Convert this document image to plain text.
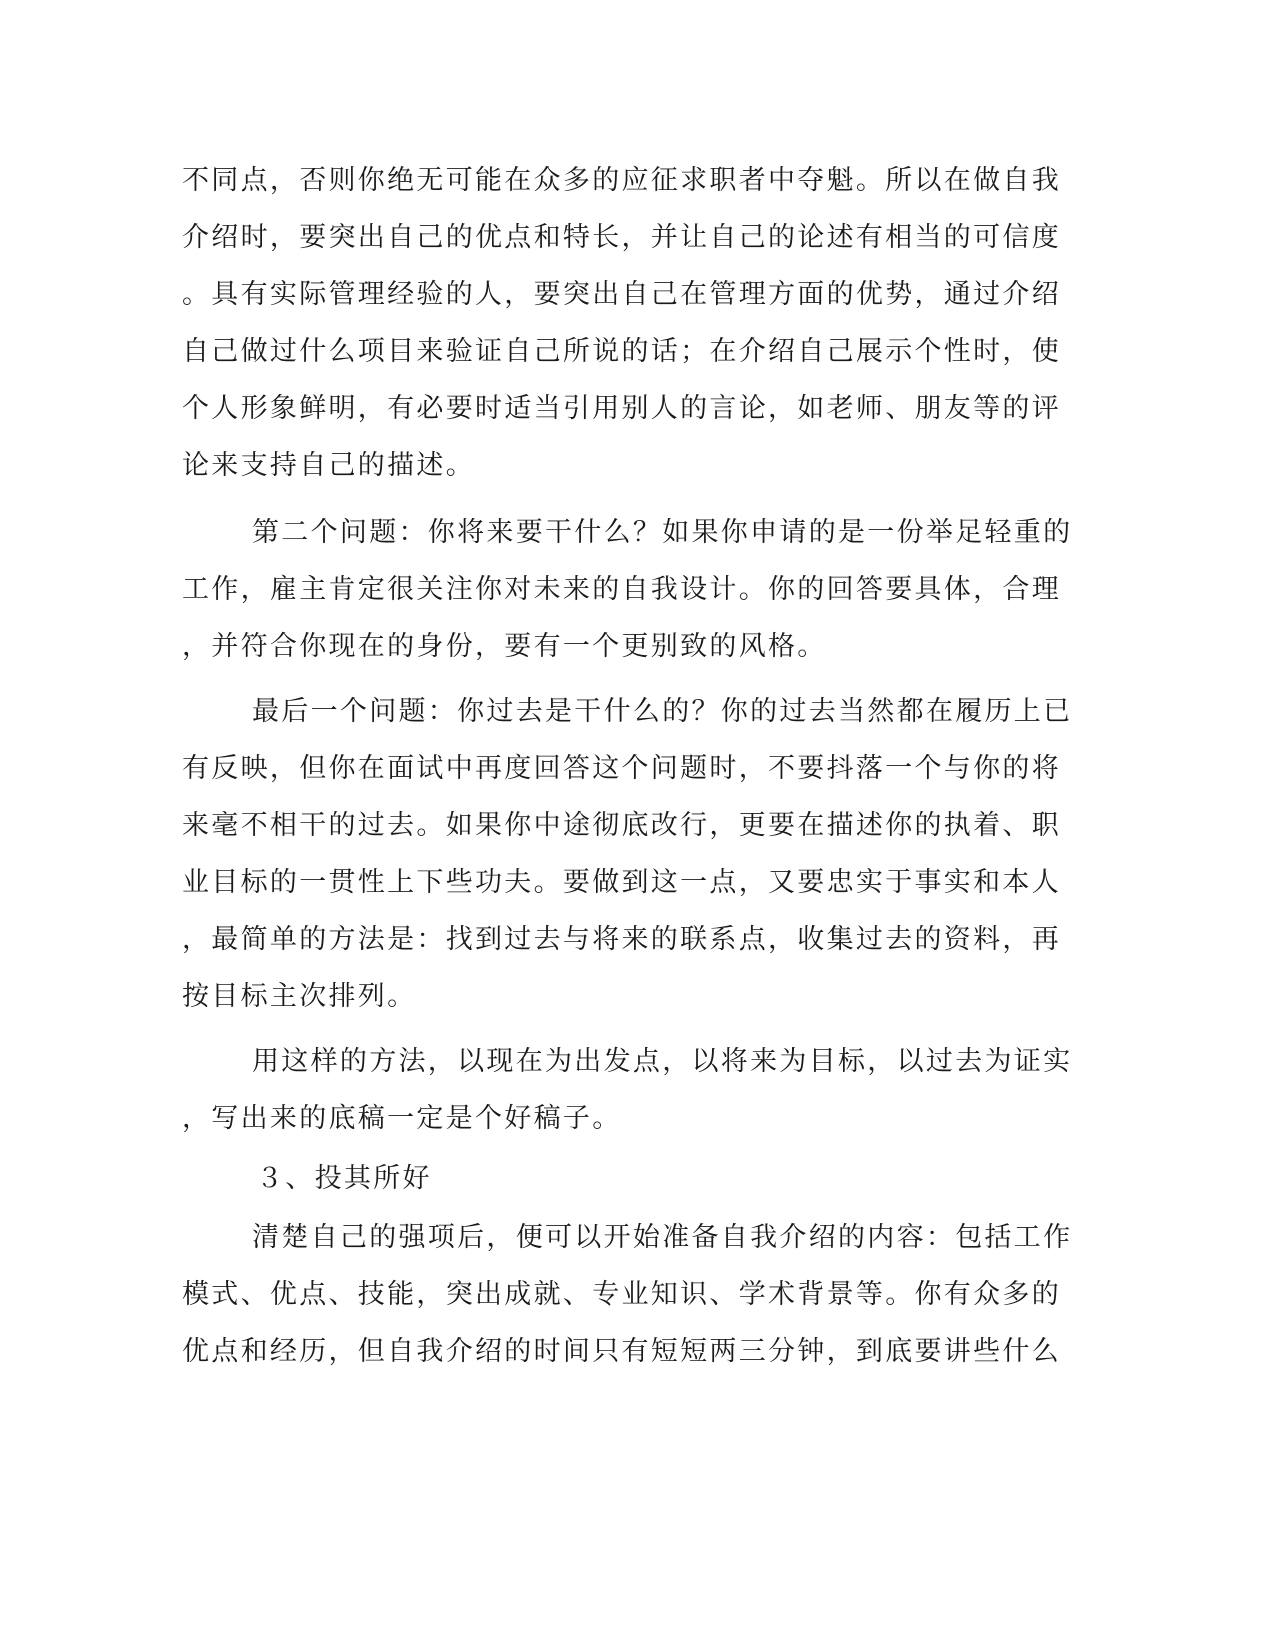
不同点，否则你绝无可能在众多的应征求职者中夺魁。所以在做自我
介绍时，要突出自己的优点和特长，并让自己的论述有相当的可信度
。具有实际管理经验的人，要突出自己在管理方面的优势，通过介绍
自己做过什么项目来验证自己所说的话；在介绍自己展示个性时，使
个人形象鲜明，有必要时适当引用别人的言论，如老师、朋友等的评
论来支持自己的描述。
第二个问题：你将来要干什么？如果你申请的是一份举足轻重的
工作，雇主肯定很关注你对未来的自我设计。你的回答要具体，合理
，并符合你现在的身份，要有一个更别致的风格。
最后一个问题：你过去是干什么的？你的过去当然都在履历上已
有反映，但你在面试中再度回答这个问题时，不要抖落一个与你的将
来毫不相干的过去。如果你中途彻底改行，更要在描述你的执着、职
业目标的一贯性上下些功夫。要做到这一点，又要忠实于事实和本人
，最简单的方法是：找到过去与将来的联系点，收集过去的资料，再
按目标主次排列。
用这样的方法，以现在为出发点，以将来为目标，以过去为证实
，写出来的底稿一定是个好稿子。
３、投其所好
清楚自己的强项后，便可以开始准备自我介绍的内容：包括工作
模式、优点、技能，突出成就、专业知识、学术背景等。你有众多的
优点和经历，但自我介绍的时间只有短短两三分钟，到底要讲些什么
